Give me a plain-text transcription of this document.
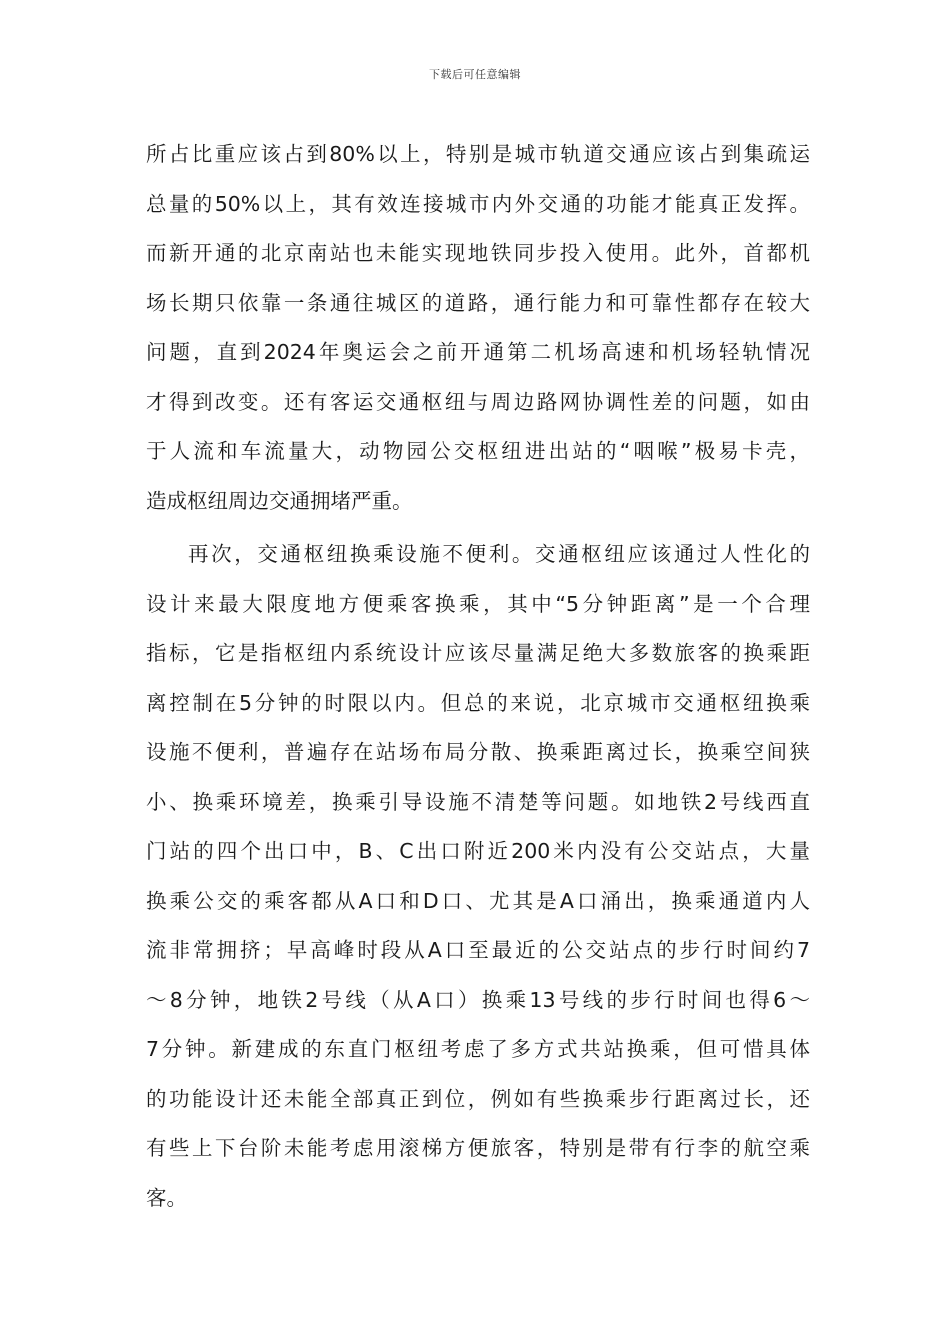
下载后可任意编辑
所占比重应该占到80%以上，特别是城市轨道交通应该占到集疏运
总量的50%以上，其有效连接城市内外交通的功能才能真正发挥。
而新开通的北京南站也未能实现地铁同步投入使用。此外，首都机
场长期只依靠一条通往城区的道路，通行能力和可靠性都存在较大
问题，直到2024年奥运会之前开通第二机场高速和机场轻轨情况
才得到改变。还有客运交通枢纽与周边路网协调性差的问题，如由
于人流和车流量大，动物园公交枢纽进出站的“咽喉”极易卡壳，
造成枢纽周边交通拥堵严重。
再次，交通枢纽换乘设施不便利。交通枢纽应该通过人性化的
设计来最大限度地方便乘客换乘，其中“5分钟距离”是一个合理
指标，它是指枢纽内系统设计应该尽量满足绝大多数旅客的换乘距
离控制在5分钟的时限以内。但总的来说，北京城市交通枢纽换乘
设施不便利，普遍存在站场布局分散、换乘距离过长，换乘空间狭
小、换乘环境差，换乘引导设施不清楚等问题。如地铁2号线西直
门站的四个出口中，B、C出口附近200米内没有公交站点，大量
换乘公交的乘客都从A口和D口、尤其是A口涌出，换乘通道内人
流非常拥挤；早高峰时段从A口至最近的公交站点的步行时间约7
～8分钟，地铁2号线（从A口）换乘13号线的步行时间也得6～
7分钟。新建成的东直门枢纽考虑了多方式共站换乘，但可惜具体
的功能设计还未能全部真正到位，例如有些换乘步行距离过长，还
有些上下台阶未能考虑用滚梯方便旅客，特别是带有行李的航空乘
客。
